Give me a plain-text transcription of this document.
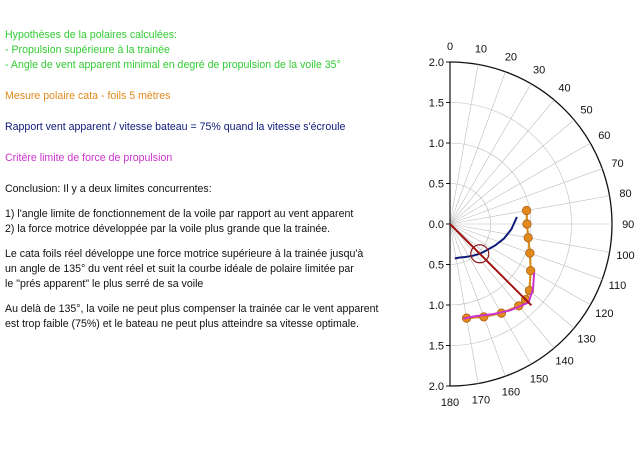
Hypothèses de la polaires calculées:

- Propulsion supérieure à la trainée

- Angle de vent apparent minimal en degré de propulsion de la voile 35°

Mesure polaire cata - foils 5 mètres

Rapport vent apparent / vitesse bateau = 75% quand la vitesse s'écroule

Critère limite de force de propulsion

Conclusion: Il y a deux limites concurrentes:

1) l'angle limite de fonctionnement de la voile par rapport au vent apparent

2) la force motrice développée par la voile plus grande que la trainée.

Le cata foils réel développe une force motrice supérieure à la trainée jusqu'à

un angle de 135° du vent réel et suit la courbe idéale de polaire limitée par

le "prés apparent" le plus serré de sa voile

Au delà de 135°, la voile ne peut plus compenser la trainée car le vent apparent

est trop faible (75%) et le bateau ne peut plus atteindre sa vitesse optimale.

2.0
1.5
1.0
0.5
0.0
0.5
1.0
1.5
2.0
0 10
20
30
40
50
60
70
80
90
100
110
120
130
140
150
160
170
180
